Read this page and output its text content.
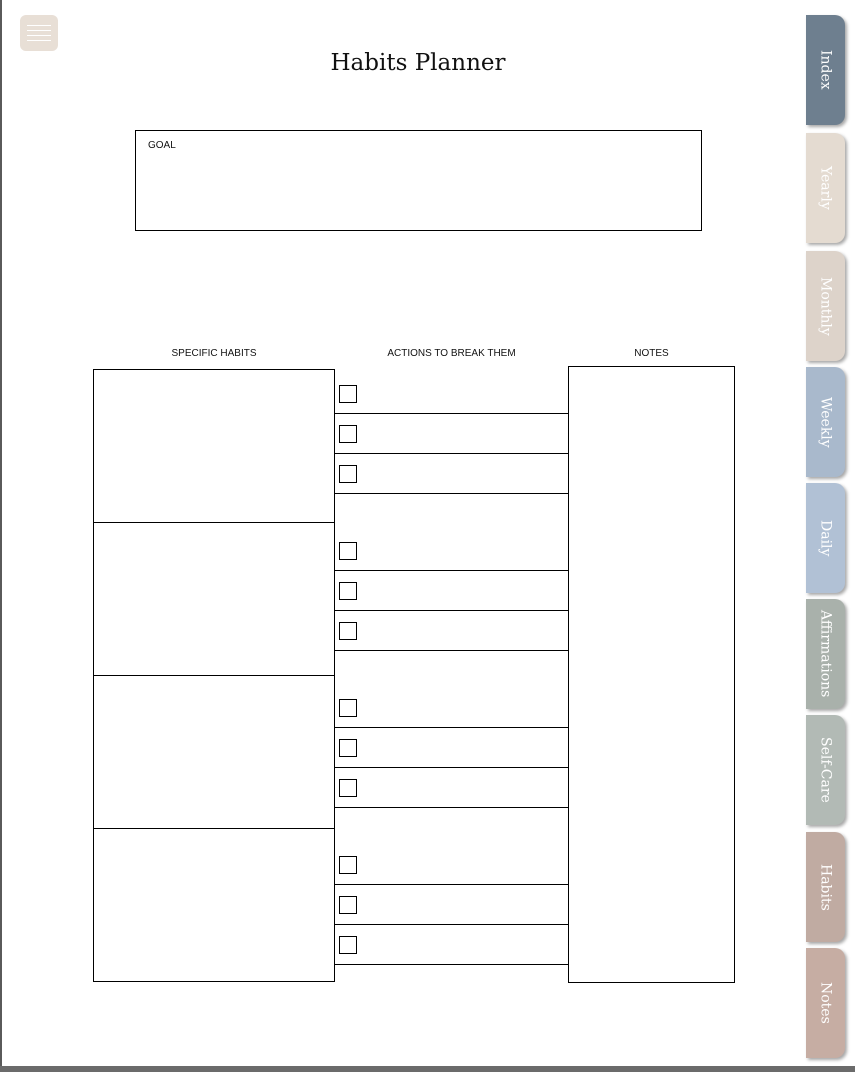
Habits Planner
GOAL
SPECIFIC HABITS	ACTIONS TO BREAK THEM	NOTES
Index
Yearly
Monthly
Weekly
Daily
Affirmations
Self-Care
Habits
Notes
